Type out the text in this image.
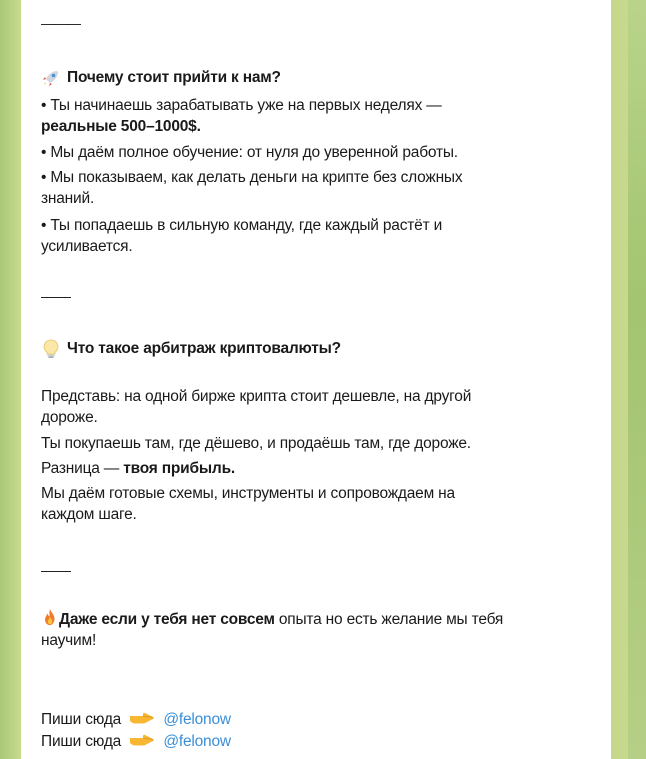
———
Почему стоит прийти к нам?
• Ты начинаешь зарабатывать уже на первых неделях —
реальные 500–1000$.
• Мы даём полное обучение: от нуля до уверенной работы.
• Мы показываем, как делать деньги на крипте без сложных
знаний.
• Ты попадаешь в сильную команду, где каждый растёт и
усиливается.
Что такое арбитраж криптовалюты?
Представь: на одной бирже крипта стоит дешевле, на другой
дороже.
Ты покупаешь там, где дёшево, и продаёшь там, где дороже.
Разница — твоя прибыль.
Мы даём готовые схемы, инструменты и сопровождаем на
каждом шаге.
Даже если у тебя нет совсем опыта но есть желание мы тебя
научим!
Пиши сюда	@felonow
Пиши сюда	@felonow
